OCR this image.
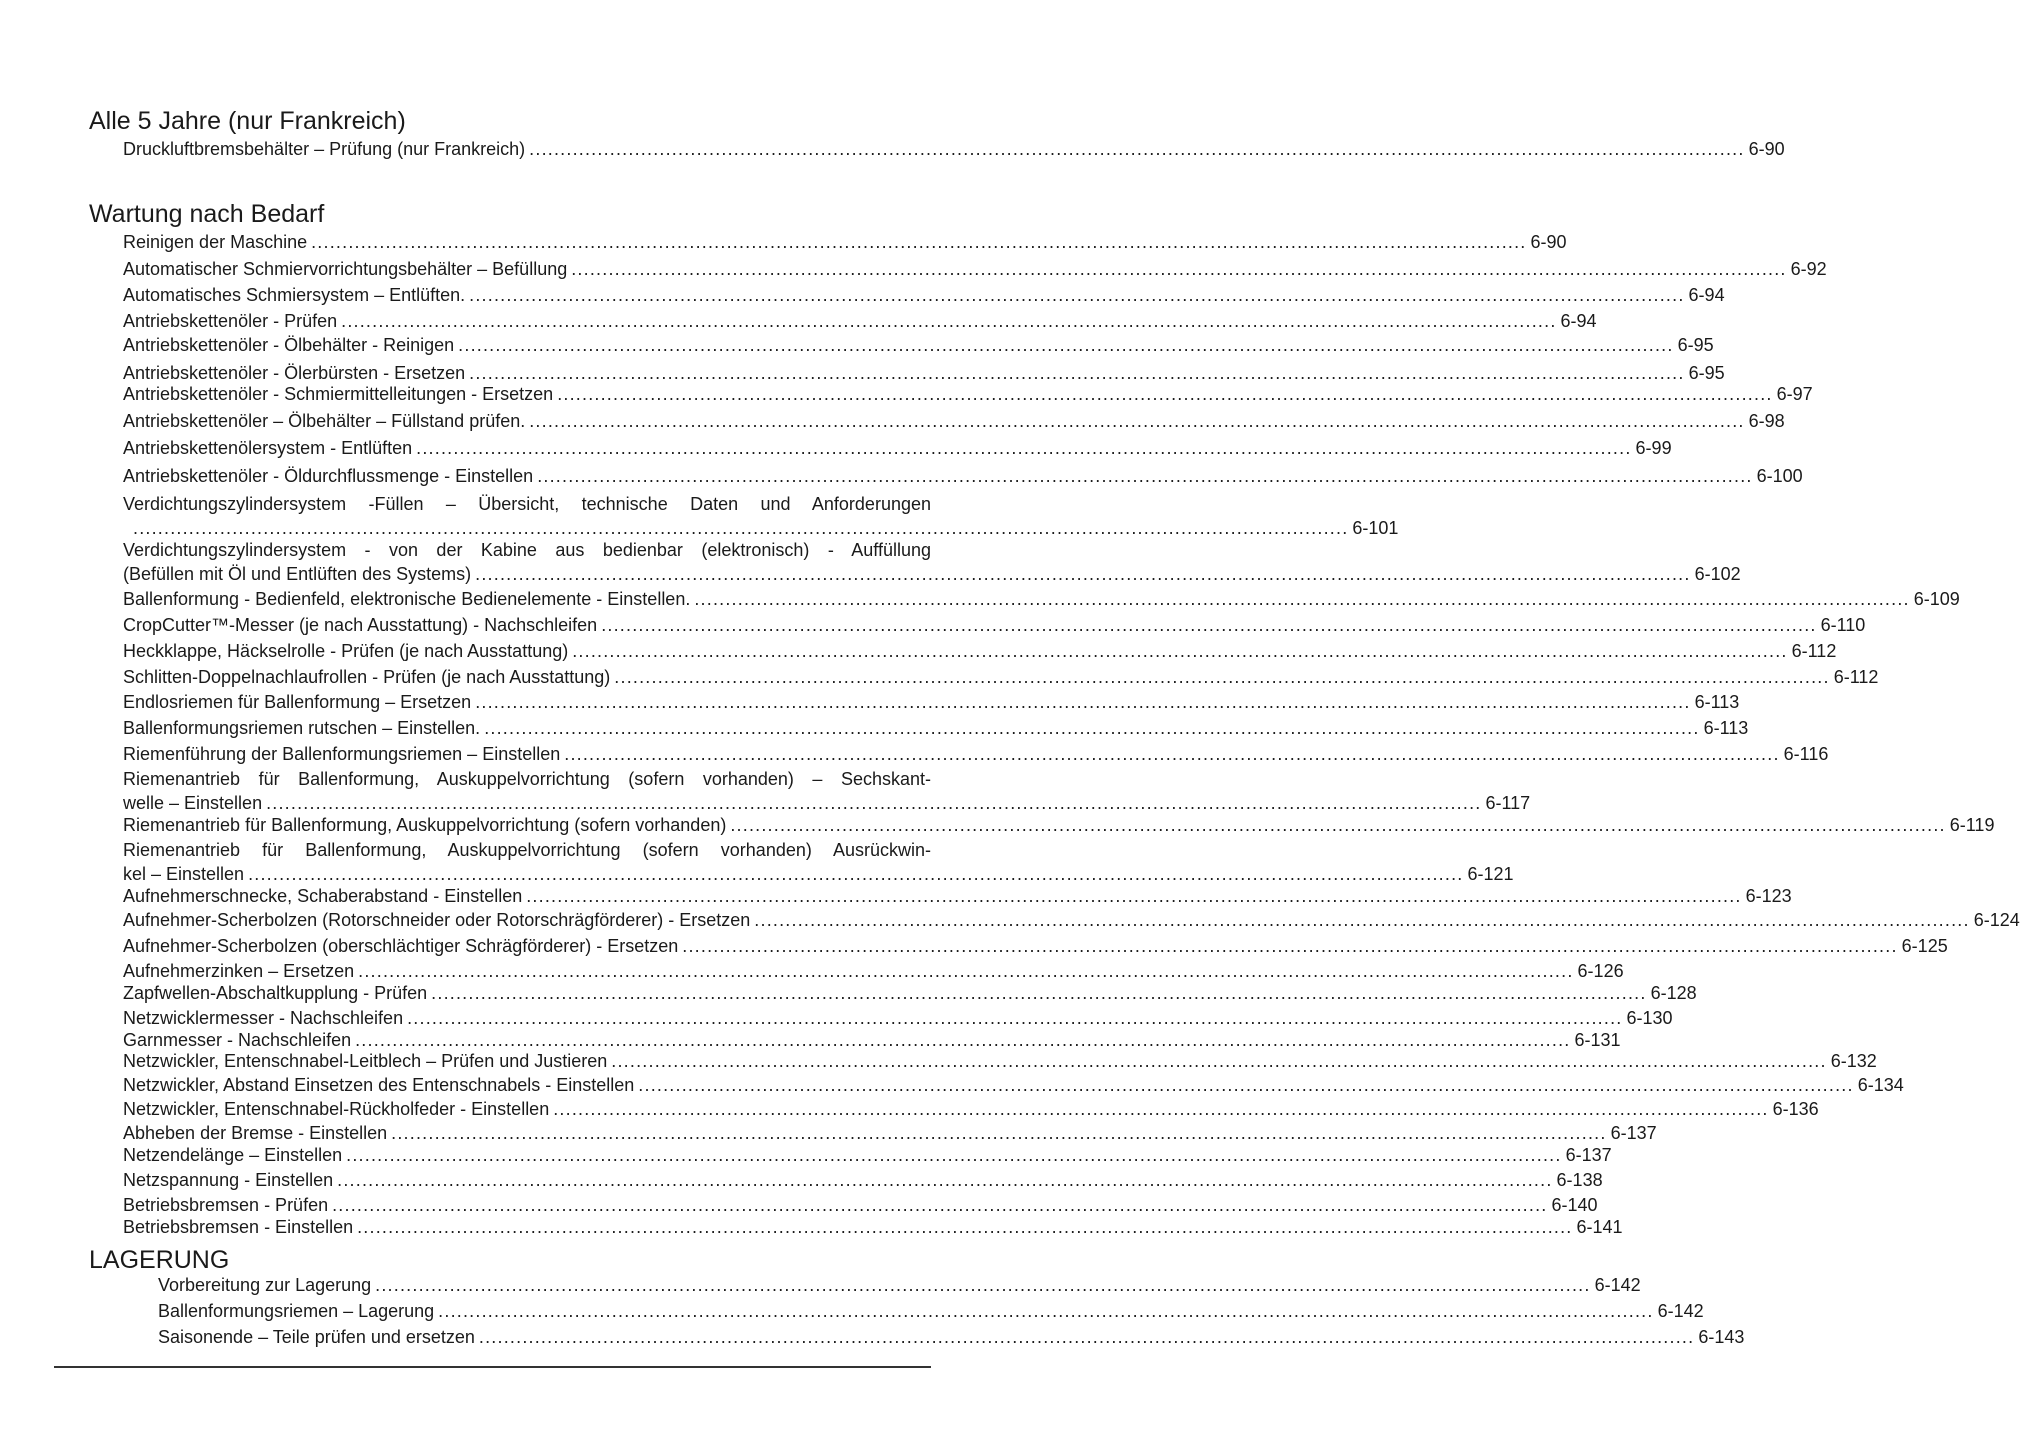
Alle 5 Jahre (nur Frankreich)
Wartung nach Bedarf
LAGERUNG
Druckluftbremsbehälter – Prüfung (nur Frankreich) .................................................................................................................................................................................................... 6-90
Reinigen der Maschine .................................................................................................................................................................................................... 6-90
Automatischer Schmiervorrichtungsbehälter – Befüllung .................................................................................................................................................................................................... 6-92
Automatisches Schmiersystem – Entlüften. .................................................................................................................................................................................................... 6-94
Antriebskettenöler - Prüfen .................................................................................................................................................................................................... 6-94
Antriebskettenöler - Ölbehälter - Reinigen .................................................................................................................................................................................................... 6-95
Antriebskettenöler - Ölerbürsten - Ersetzen .................................................................................................................................................................................................... 6-95
Antriebskettenöler - Schmiermittelleitungen - Ersetzen .................................................................................................................................................................................................... 6-97
Antriebskettenöler – Ölbehälter – Füllstand prüfen. .................................................................................................................................................................................................... 6-98
Antriebskettenölersystem - Entlüften .................................................................................................................................................................................................... 6-99
Antriebskettenöler - Öldurchflussmenge - Einstellen .................................................................................................................................................................................................... 6-100
Verdichtungszylindersystem -Füllen – Übersicht, technische Daten und Anforderungen
.................................................................................................................................................................................................... 6-101
Verdichtungszylindersystem - von der Kabine aus bedienbar (elektronisch) - Auffüllung
(Befüllen mit Öl und Entlüften des Systems) .................................................................................................................................................................................................... 6-102
Ballenformung - Bedienfeld, elektronische Bedienelemente - Einstellen. .................................................................................................................................................................................................... 6-109
CropCutter™-Messer (je nach Ausstattung) - Nachschleifen .................................................................................................................................................................................................... 6-110
Heckklappe, Häckselrolle - Prüfen (je nach Ausstattung) .................................................................................................................................................................................................... 6-112
Schlitten-Doppelnachlaufrollen - Prüfen (je nach Ausstattung) .................................................................................................................................................................................................... 6-112
Endlosriemen für Ballenformung – Ersetzen .................................................................................................................................................................................................... 6-113
Ballenformungsriemen rutschen – Einstellen. .................................................................................................................................................................................................... 6-113
Riemenführung der Ballenformungsriemen – Einstellen .................................................................................................................................................................................................... 6-116
Riemenantrieb für Ballenformung, Auskuppelvorrichtung (sofern vorhanden) – Sechskant-
welle – Einstellen .................................................................................................................................................................................................... 6-117
Riemenantrieb für Ballenformung, Auskuppelvorrichtung (sofern vorhanden) .................................................................................................................................................................................................... 6-119
Riemenantrieb für Ballenformung, Auskuppelvorrichtung (sofern vorhanden) Ausrückwin-
kel – Einstellen .................................................................................................................................................................................................... 6-121
Aufnehmerschnecke, Schaberabstand - Einstellen .................................................................................................................................................................................................... 6-123
Aufnehmer-Scherbolzen (Rotorschneider oder Rotorschrägförderer) - Ersetzen .................................................................................................................................................................................................... 6-124
Aufnehmer-Scherbolzen (oberschlächtiger Schrägförderer) - Ersetzen .................................................................................................................................................................................................... 6-125
Aufnehmerzinken – Ersetzen .................................................................................................................................................................................................... 6-126
Zapfwellen-Abschaltkupplung - Prüfen .................................................................................................................................................................................................... 6-128
Netzwicklermesser - Nachschleifen .................................................................................................................................................................................................... 6-130
Garnmesser - Nachschleifen .................................................................................................................................................................................................... 6-131
Netzwickler, Entenschnabel-Leitblech – Prüfen und Justieren .................................................................................................................................................................................................... 6-132
Netzwickler, Abstand Einsetzen des Entenschnabels - Einstellen .................................................................................................................................................................................................... 6-134
Netzwickler, Entenschnabel-Rückholfeder - Einstellen .................................................................................................................................................................................................... 6-136
Abheben der Bremse - Einstellen .................................................................................................................................................................................................... 6-137
Netzendelänge – Einstellen .................................................................................................................................................................................................... 6-137
Netzspannung - Einstellen .................................................................................................................................................................................................... 6-138
Betriebsbremsen - Prüfen .................................................................................................................................................................................................... 6-140
Betriebsbremsen - Einstellen .................................................................................................................................................................................................... 6-141
Vorbereitung zur Lagerung .................................................................................................................................................................................................... 6-142
Ballenformungsriemen – Lagerung .................................................................................................................................................................................................... 6-142
Saisonende – Teile prüfen und ersetzen .................................................................................................................................................................................................... 6-143
